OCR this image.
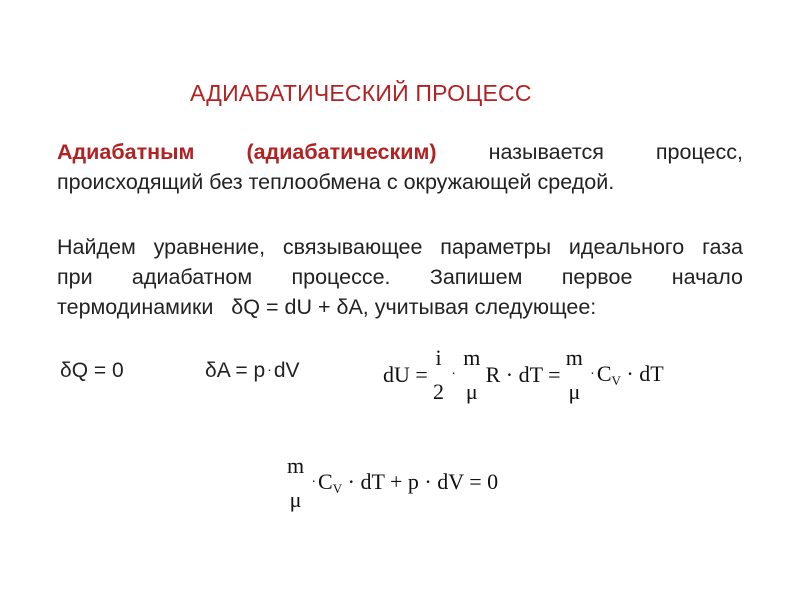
АДИАБАТИЧЕСКИЙ ПРОЦЕСС
Адиабатным (адиабатическим) называется процесс,
происходящий без теплообмена с окружающей средой.
Найдем уравнение, связывающее параметры идеального газа
при адиабатном процессе. Запишем первое начало
термодинамики   δQ = dU + δA, учитывая следующее:
δQ = 0	δA = p ·dV	dU =
i
2
·
m
μ
R · dT =
m
μ
$\cdot C_V$ · dT
m
μ
$\cdot C_V$ · dT + p · dV = 0
